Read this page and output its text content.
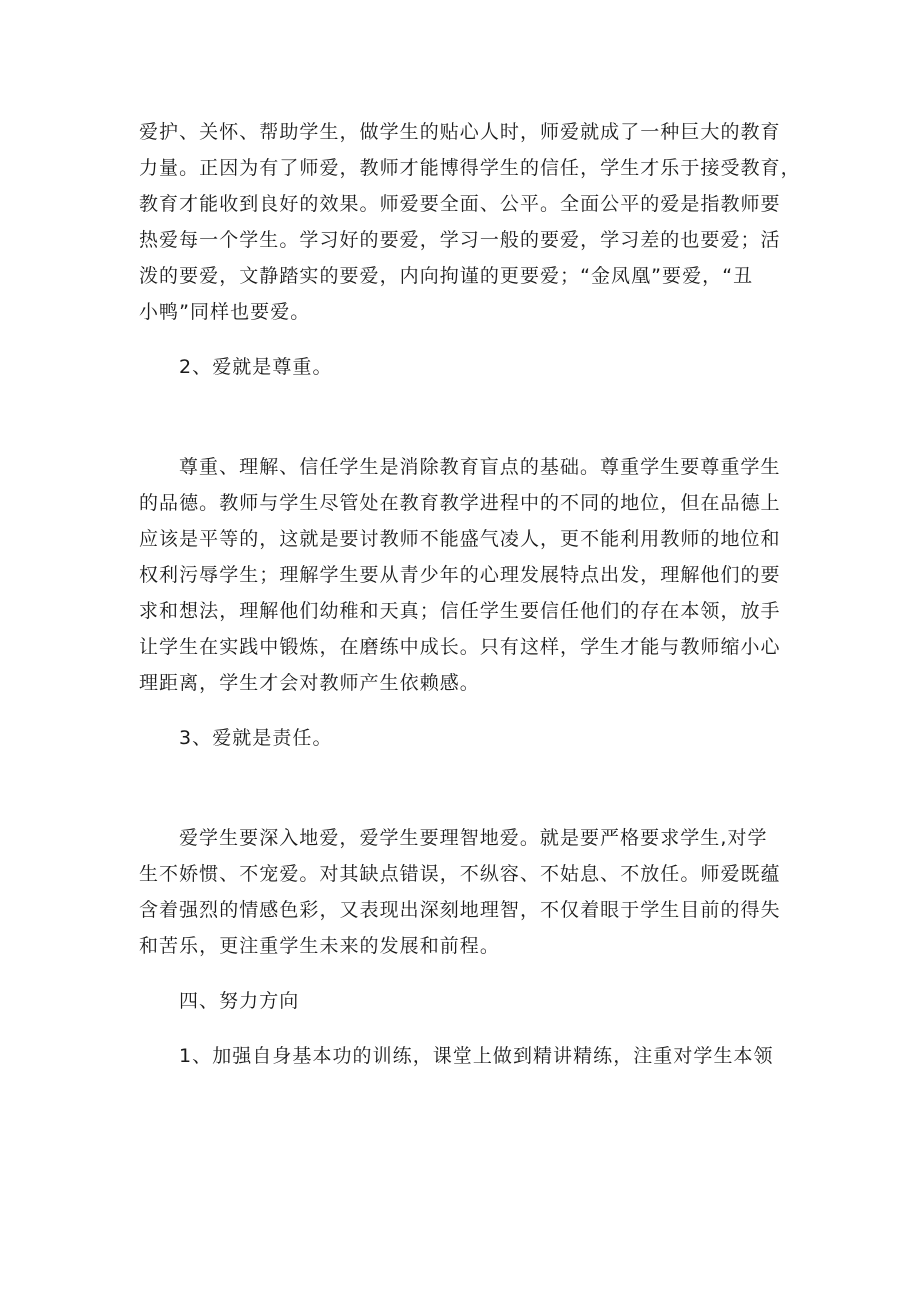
爱护、关怀、帮助学生，做学生的贴心人时，师爱就成了一种巨大的教育
力量。正因为有了师爱，教师才能博得学生的信任，学生才乐于接受教育，
教育才能收到良好的效果。师爱要全面、公平。全面公平的爱是指教师要
热爱每一个学生。学习好的要爱，学习一般的要爱，学习差的也要爱；活
泼的要爱，文静踏实的要爱，内向拘谨的更要爱；“金凤凰”要爱，“丑
小鸭”同样也要爱。
2、爱就是尊重。
尊重、理解、信任学生是消除教育盲点的基础。尊重学生要尊重学生
的品德。教师与学生尽管处在教育教学进程中的不同的地位，但在品德上
应该是平等的，这就是要讨教师不能盛气凌人，更不能利用教师的地位和
权利污辱学生；理解学生要从青少年的心理发展特点出发，理解他们的要
求和想法，理解他们幼稚和天真；信任学生要信任他们的存在本领，放手
让学生在实践中锻炼，在磨练中成长。只有这样，学生才能与教师缩小心
理距离，学生才会对教师产生依赖感。
3、爱就是责任。
爱学生要深入地爱，爱学生要理智地爱。就是要严格要求学生,对学
生不娇惯、不宠爱。对其缺点错误，不纵容、不姑息、不放任。师爱既蕴
含着强烈的情感色彩，又表现出深刻地理智，不仅着眼于学生目前的得失
和苦乐，更注重学生未来的发展和前程。
四、努力方向
1、加强自身基本功的训练，课堂上做到精讲精练，注重对学生本领
